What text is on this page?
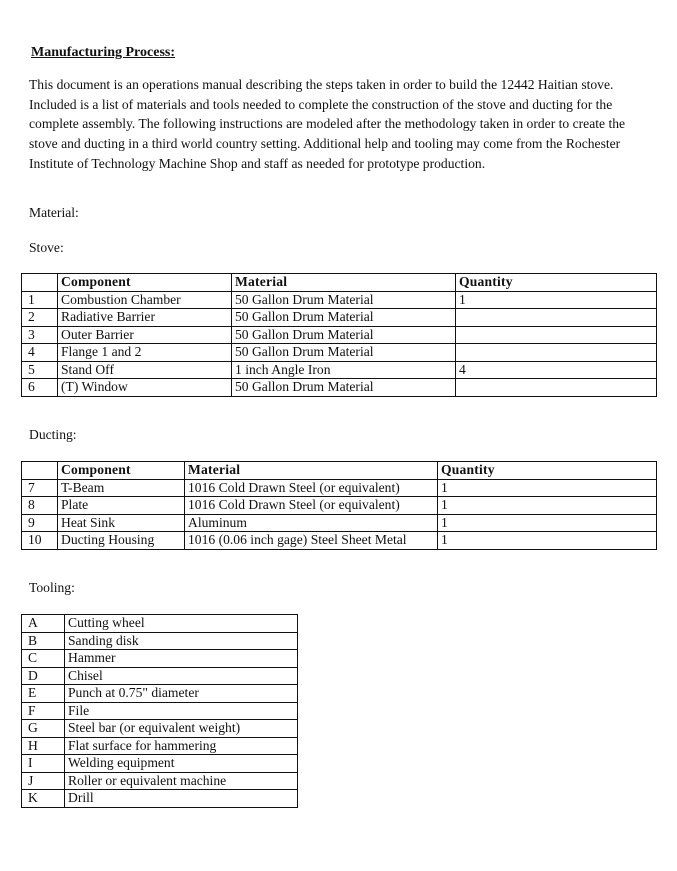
Manufacturing Process:

This document is an operations manual describing the steps taken in order to build the 12442 Haitian stove. Included is a list of materials and tools needed to complete the construction of the stove and ducting for the complete assembly. The following instructions are modeled after the methodology taken in order to create the stove and ducting in a third world country setting. Additional help and tooling may come from the Rochester Institute of Technology Machine Shop and staff as needed for prototype production.

Material:
Stove:
	Component	Material	Quantity
1	Combustion Chamber	50 Gallon Drum Material	1
2	Radiative Barrier	50 Gallon Drum Material	
3	Outer Barrier	50 Gallon Drum Material	
4	Flange 1 and 2	50 Gallon Drum Material	
5	Stand Off	1 inch Angle Iron	4
6	(T) Window	50 Gallon Drum Material	
Ducting:
	Component	Material	Quantity
7	T-Beam	1016 Cold Drawn Steel (or equivalent)	1
8	Plate	1016 Cold Drawn Steel (or equivalent)	1
9	Heat Sink	Aluminum	1
10	Ducting Housing	1016 (0.06 inch gage) Steel Sheet Metal	1
Tooling:
A	Cutting wheel
B	Sanding disk
C	Hammer
D	Chisel
E	Punch at 0.75" diameter
F	File
G	Steel bar (or equivalent weight)
H	Flat surface for hammering
I	Welding equipment
J	Roller or equivalent machine
K	Drill
